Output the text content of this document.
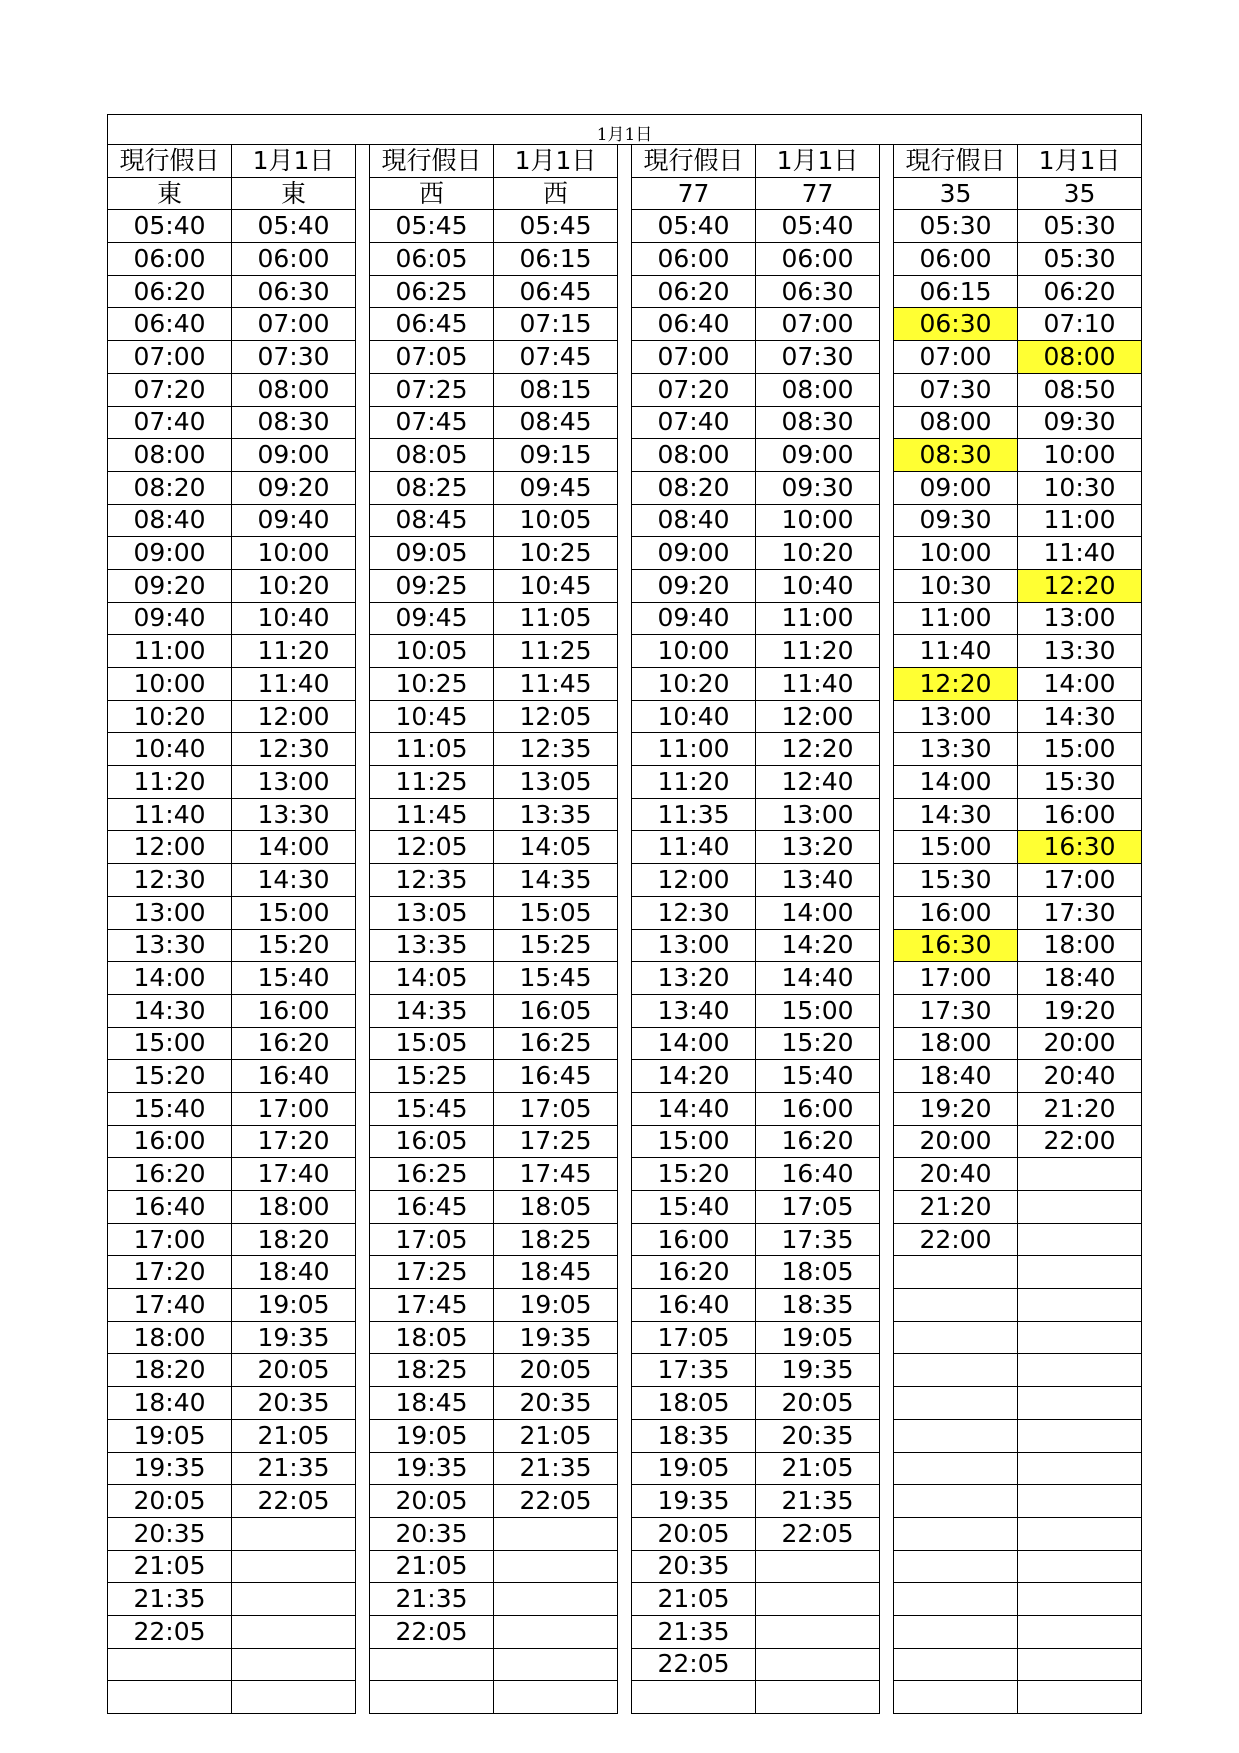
1月1日										
現行假日	1月1日		現行假日	1月1日		現行假日	1月1日		現行假日	1月1日
東	東		西	西		77	77		35	35
05:40	05:40		05:45	05:45		05:40	05:40		05:30	05:30
06:00	06:00		06:05	06:15		06:00	06:00		06:00	05:30
06:20	06:30		06:25	06:45		06:20	06:30		06:15	06:20
06:40	07:00		06:45	07:15		06:40	07:00		06:30	07:10
07:00	07:30		07:05	07:45		07:00	07:30		07:00	08:00
07:20	08:00		07:25	08:15		07:20	08:00		07:30	08:50
07:40	08:30		07:45	08:45		07:40	08:30		08:00	09:30
08:00	09:00		08:05	09:15		08:00	09:00		08:30	10:00
08:20	09:20		08:25	09:45		08:20	09:30		09:00	10:30
08:40	09:40		08:45	10:05		08:40	10:00		09:30	11:00
09:00	10:00		09:05	10:25		09:00	10:20		10:00	11:40
09:20	10:20		09:25	10:45		09:20	10:40		10:30	12:20
09:40	10:40		09:45	11:05		09:40	11:00		11:00	13:00
11:00	11:20		10:05	11:25		10:00	11:20		11:40	13:30
10:00	11:40		10:25	11:45		10:20	11:40		12:20	14:00
10:20	12:00		10:45	12:05		10:40	12:00		13:00	14:30
10:40	12:30		11:05	12:35		11:00	12:20		13:30	15:00
11:20	13:00		11:25	13:05		11:20	12:40		14:00	15:30
11:40	13:30		11:45	13:35		11:35	13:00		14:30	16:00
12:00	14:00		12:05	14:05		11:40	13:20		15:00	16:30
12:30	14:30		12:35	14:35		12:00	13:40		15:30	17:00
13:00	15:00		13:05	15:05		12:30	14:00		16:00	17:30
13:30	15:20		13:35	15:25		13:00	14:20		16:30	18:00
14:00	15:40		14:05	15:45		13:20	14:40		17:00	18:40
14:30	16:00		14:35	16:05		13:40	15:00		17:30	19:20
15:00	16:20		15:05	16:25		14:00	15:20		18:00	20:00
15:20	16:40		15:25	16:45		14:20	15:40		18:40	20:40
15:40	17:00		15:45	17:05		14:40	16:00		19:20	21:20
16:00	17:20		16:05	17:25		15:00	16:20		20:00	22:00
16:20	17:40		16:25	17:45		15:20	16:40		20:40	
16:40	18:00		16:45	18:05		15:40	17:05		21:20	
17:00	18:20		17:05	18:25		16:00	17:35		22:00	
17:20	18:40		17:25	18:45		16:20	18:05			
17:40	19:05		17:45	19:05		16:40	18:35			
18:00	19:35		18:05	19:35		17:05	19:05			
18:20	20:05		18:25	20:05		17:35	19:35			
18:40	20:35		18:45	20:35		18:05	20:05			
19:05	21:05		19:05	21:05		18:35	20:35			
19:35	21:35		19:35	21:35		19:05	21:05			
20:05	22:05		20:05	22:05		19:35	21:35			
20:35			20:35			20:05	22:05			
21:05			21:05			20:35				
21:35			21:35			21:05				
22:05			22:05			21:35				
						22:05				
